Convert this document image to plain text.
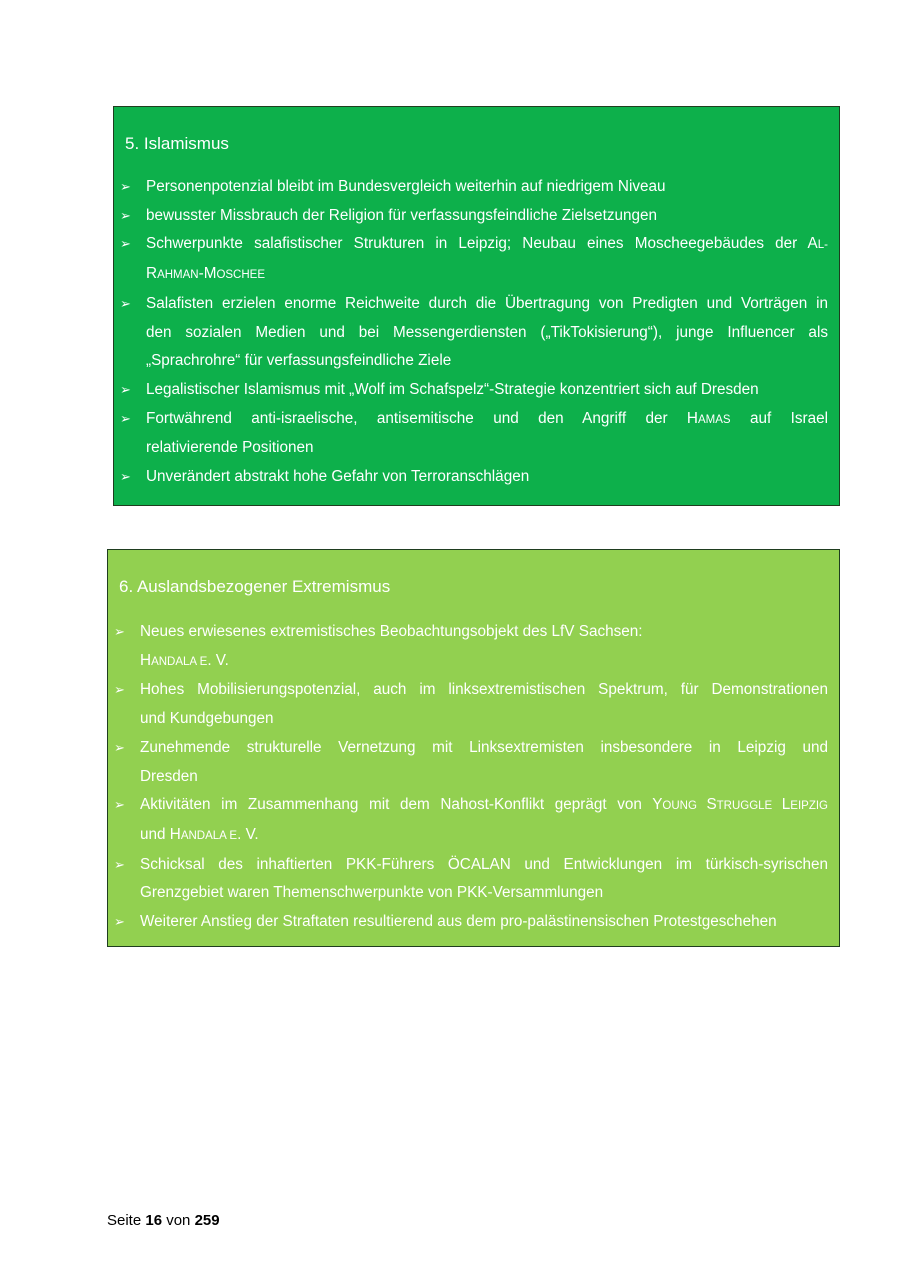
5. Islamismus
➢ Personenpotenzial bleibt im Bundesvergleich weiterhin auf niedrigem Niveau
➢ bewusster Missbrauch der Religion für verfassungsfeindliche Zielsetzungen
➢ Schwerpunkte salafistischer Strukturen in Leipzig; Neubau eines Moscheegebäudes der AL-
RAHMAN-MOSCHEE
➢ Salafisten erzielen enorme Reichweite durch die Übertragung von Predigten und Vorträgen in
den sozialen Medien und bei Messengerdiensten („TikTokisierung“), junge Influencer als
„Sprachrohre“ für verfassungsfeindliche Ziele
➢ Legalistischer Islamismus mit „Wolf im Schafspelz“-Strategie konzentriert sich auf Dresden
➢ Fortwährend anti-israelische, antisemitische und den Angriff der HAMAS auf Israel
relativierende Positionen
➢ Unverändert abstrakt hohe Gefahr von Terroranschlägen
6. Auslandsbezogener Extremismus
➢ Neues erwiesenes extremistisches Beobachtungsobjekt des LfV Sachsen:
HANDALA E. V.
➢ Hohes Mobilisierungspotenzial, auch im linksextremistischen Spektrum, für Demonstrationen
und Kundgebungen
➢ Zunehmende strukturelle Vernetzung mit Linksextremisten insbesondere in Leipzig und
Dresden
➢ Aktivitäten im Zusammenhang mit dem Nahost-Konflikt geprägt von YOUNG STRUGGLE LEIPZIG
und HANDALA E. V.
➢ Schicksal des inhaftierten PKK-Führers ÖCALAN und Entwicklungen im türkisch-syrischen
Grenzgebiet waren Themenschwerpunkte von PKK-Versammlungen
➢ Weiterer Anstieg der Straftaten resultierend aus dem pro-palästinensischen Protestgeschehen
Seite 16 von 259
